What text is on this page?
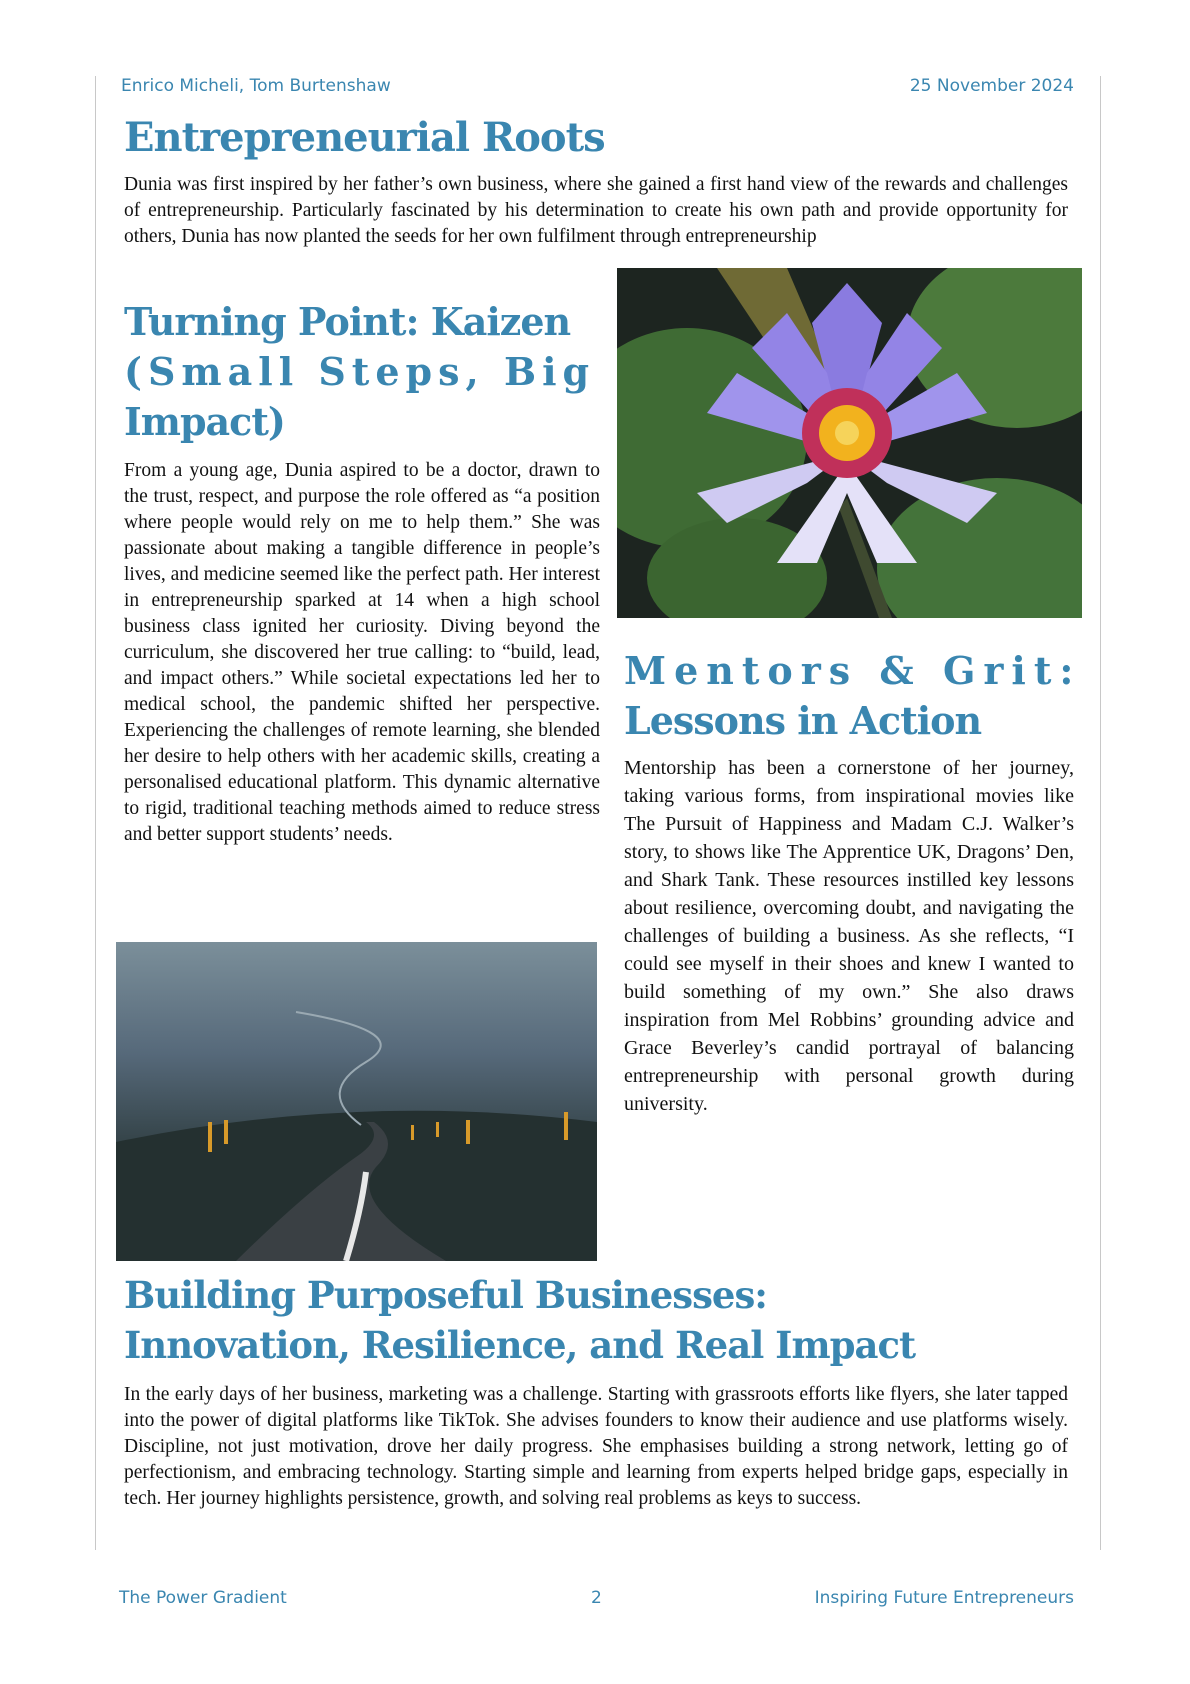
Enrico Micheli, Tom Burtenshaw	25 November 2024
Entrepreneurial Roots

Dunia was first inspired by her father’s own business, where she gained a first hand view of the rewards and challenges of entrepreneurship. Particularly fascinated by his determination to create his own path and provide opportunity for others, Dunia has now planted the seeds for her own fulfilment through entrepreneurship

Turning Point: Kaizen
(Small Steps, Big
Impact)

From a young age, Dunia aspired to be a doctor, drawn to the trust, respect, and purpose the role offered as “a position where people would rely on me to help them.” She was passionate about making a tangible difference in people’s lives, and medicine seemed like the perfect path. Her interest in entrepreneurship sparked at 14 when a high school business class ignited her curiosity. Diving beyond the curriculum, she discovered her true calling: to “build, lead, and impact others.” While societal expectations led her to medical school, the pandemic shifted her perspective. Experiencing the challenges of remote learning, she blended her desire to help others with her academic skills, creating a personalised educational platform. This dynamic alternative to rigid, traditional teaching methods aimed to reduce stress and better support students’ needs.

Mentors & Grit:
Lessons in Action

Mentorship has been a cornerstone of her journey, taking various forms, from inspirational movies like The Pursuit of Happiness and Madam C.J. Walker’s story, to shows like The Apprentice UK, Dragons’ Den, and Shark Tank. These resources instilled key lessons about resilience, overcoming doubt, and navigating the challenges of building a business. As she reflects, “I could see myself in their shoes and knew I wanted to build something of my own.” She also draws inspiration from Mel Robbins’ grounding advice and Grace Beverley’s candid portrayal of balancing entrepreneurship with personal growth during university.

Building Purposeful Businesses:
Innovation, Resilience, and Real Impact

In the early days of her business, marketing was a challenge. Starting with grassroots efforts like flyers, she later tapped into the power of digital platforms like TikTok. She advises founders to know their audience and use platforms wisely. Discipline, not just motivation, drove her daily progress. She emphasises building a strong network, letting go of perfectionism, and embracing technology. Starting simple and learning from experts helped bridge gaps, especially in tech. Her journey highlights persistence, growth, and solving real problems as keys to success.

The Power Gradient	2	Inspiring Future Entrepreneurs
